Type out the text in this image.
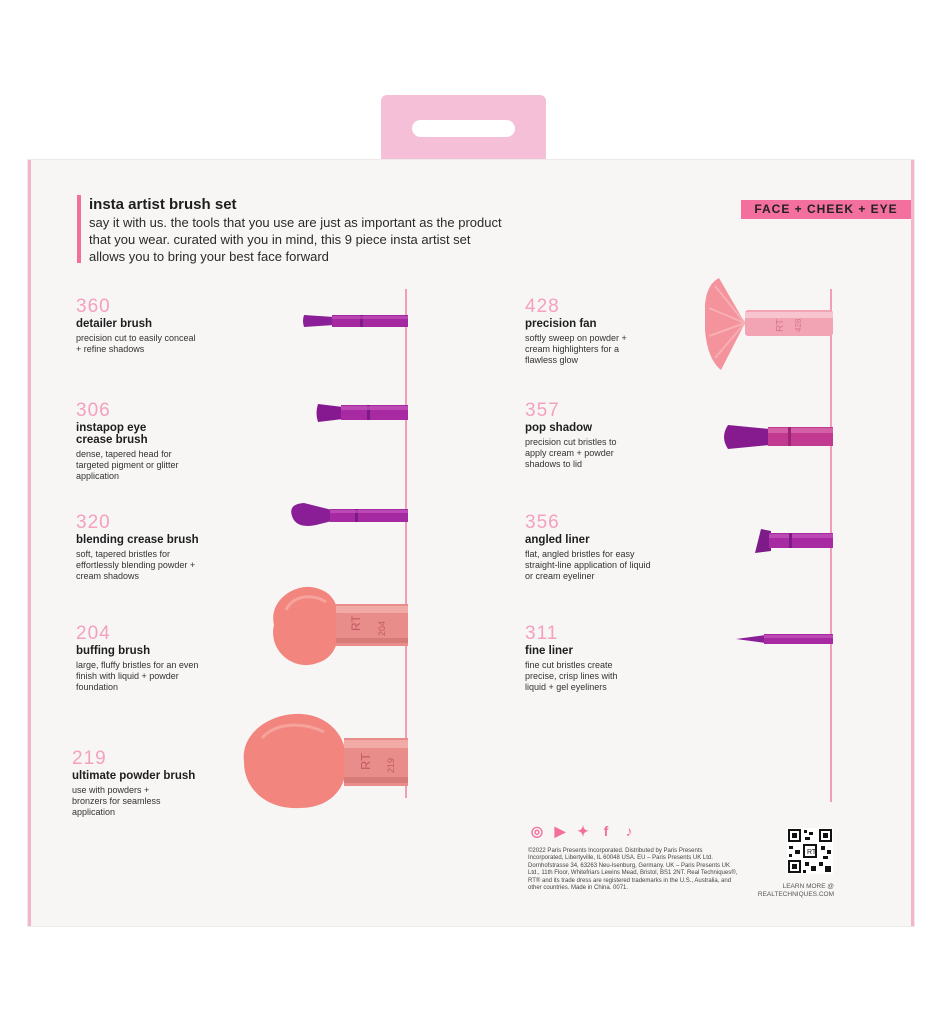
insta artist brush set
say it with us. the tools that you use are just as important as the product that you wear. curated with you in mind, this 9 piece insta artist set allows you to bring your best face forward
FACE + CHEEK + EYE
360
detailer brush
precision cut to easily conceal + refine shadows
306
instapop eye crease brush
dense, tapered head for targeted pigment or glitter application
320
blending crease brush
soft, tapered bristles for effortlessly blending powder + cream shadows
204
buffing brush
large, fluffy bristles for an even finish with liquid + powder foundation
219
ultimate powder brush
use with powders + bronzers for seamless application
428
precision fan
softly sweep on powder + cream highlighters for a flawless glow
357
pop shadow
precision cut bristles to apply cream + powder shadows to lid
356
angled liner
flat, angled bristles for easy straight-line application of liquid or cream eyeliner
311
fine liner
fine cut bristles create precise, crisp lines with liquid + gel eyeliners
RT 204
RT 219
RT 428
◎ ▶ ✦	f	♪
©2022 Paris Presents Incorporated. Distributed by Paris Presents Incorporated, Libertyville, IL 60048 USA. EU – Paris Presents UK Ltd. Dornhofstrasse 34, 63263 Neu-Isenburg, Germany. UK – Paris Presents UK Ltd., 11th Floor, Whitefriars Lewins Mead, Bristol, BS1 2NT. Real Techniques®, RT® and its trade dress are registered trademarks in the U.S., Australia, and other countries. Made in China. 0071.
RT
LEARN MORE @
REALTECHNIQUES.COM
